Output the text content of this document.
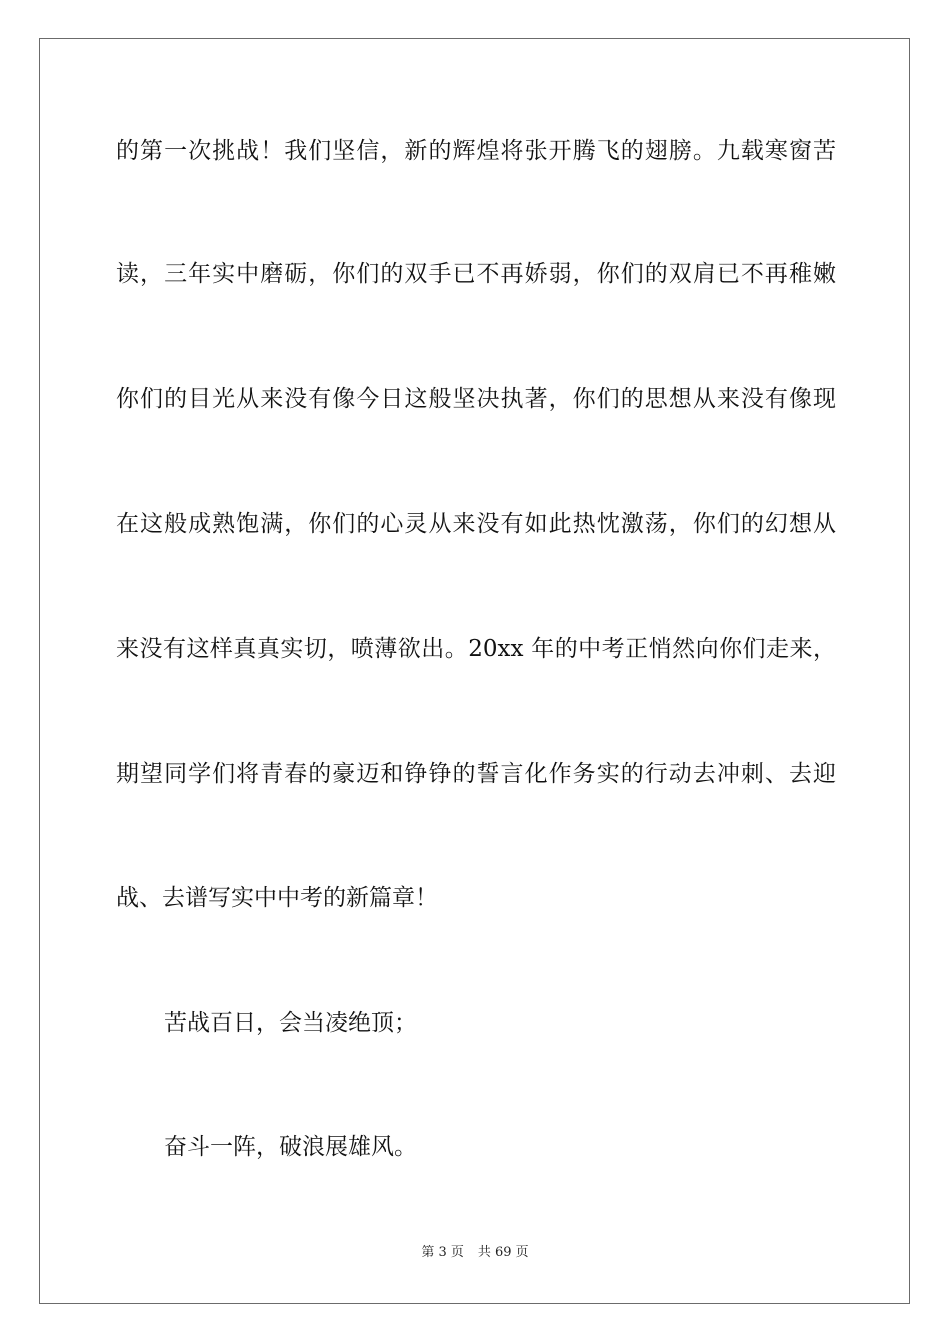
的第一次挑战！我们坚信，新的辉煌将张开腾飞的翅膀。九载寒窗苦
读，三年实中磨砺，你们的双手已不再娇弱，你们的双肩已不再稚嫩
你们的目光从来没有像今日这般坚决执著，你们的思想从来没有像现
在这般成熟饱满，你们的心灵从来没有如此热忱激荡，你们的幻想从
来没有这样真真实切，喷薄欲出。20xx 年的中考正悄然向你们走来，
期望同学们将青春的豪迈和铮铮的誓言化作务实的行动去冲刺、去迎
战、去谱写实中中考的新篇章！
苦战百日，会当凌绝顶；
奋斗一阵，破浪展雄风。
第 3 页 共 69 页
